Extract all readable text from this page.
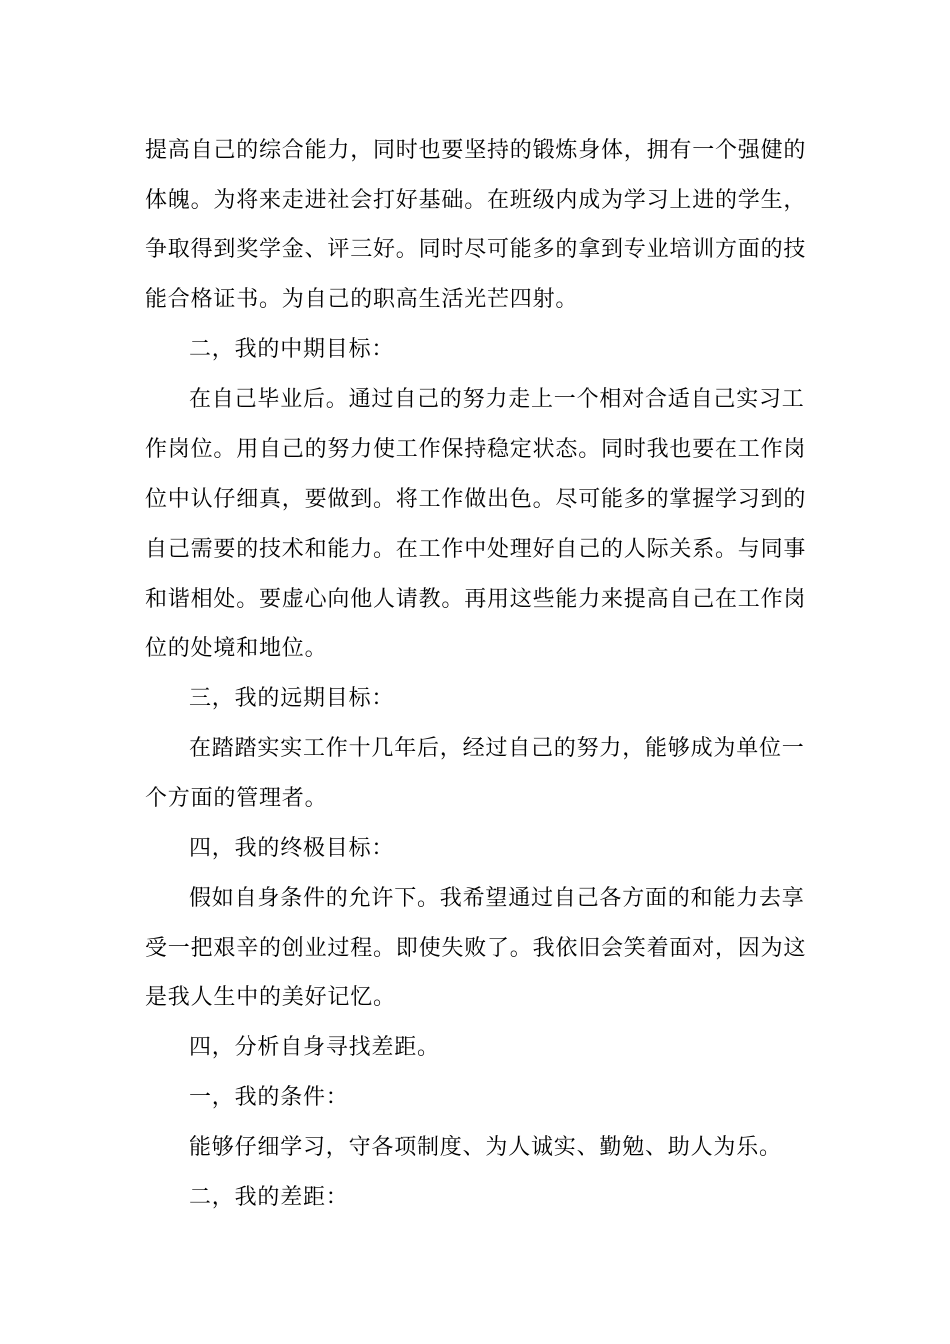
提高自己的综合能力，同时也要坚持的锻炼身体，拥有一个强健的
体魄。为将来走进社会打好基础。在班级内成为学习上进的学生，
争取得到奖学金、评三好。同时尽可能多的拿到专业培训方面的技
能合格证书。为自己的职高生活光芒四射。
二，我的中期目标：
在自己毕业后。通过自己的努力走上一个相对合适自己实习工
作岗位。用自己的努力使工作保持稳定状态。同时我也要在工作岗
位中认仔细真，要做到。将工作做出色。尽可能多的掌握学习到的
自己需要的技术和能力。在工作中处理好自己的人际关系。与同事
和谐相处。要虚心向他人请教。再用这些能力来提高自己在工作岗
位的处境和地位。
三，我的远期目标：
在踏踏实实工作十几年后，经过自己的努力，能够成为单位一
个方面的管理者。
四，我的终极目标：
假如自身条件的允许下。我希望通过自己各方面的和能力去享
受一把艰辛的创业过程。即使失败了。我依旧会笑着面对，因为这
是我人生中的美好记忆。
四，分析自身寻找差距。
一，我的条件：
能够仔细学习，守各项制度、为人诚实、勤勉、助人为乐。
二，我的差距：
